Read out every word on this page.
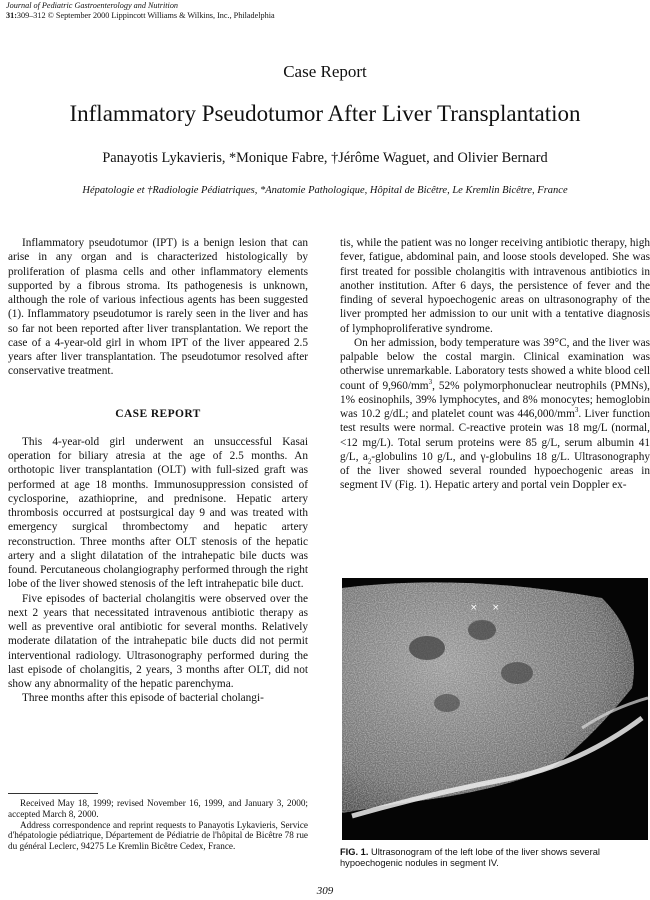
Journal of Pediatric Gastroenterology and Nutrition
31:309–312 © September 2000 Lippincott Williams & Wilkins, Inc., Philadelphia
Case Report
Inflammatory Pseudotumor After Liver Transplantation
Panayotis Lykavieris, *Monique Fabre, †Jérôme Waguet, and Olivier Bernard
Hépatologie et †Radiologie Pédiatriques, *Anatomie Pathologique, Hôpital de Bicêtre, Le Kremlin Bicêtre, France

Inflammatory pseudotumor (IPT) is a benign lesion that can arise in any organ and is characterized histologically by proliferation of plasma cells and other inflammatory elements supported by a fibrous stroma. Its pathogenesis is unknown, although the role of various infectious agents has been suggested (1). Inflammatory pseudotumor is rarely seen in the liver and has so far not been reported after liver transplantation. We report the case of a 4-year-old girl in whom IPT of the liver appeared 2.5 years after liver transplantation. The pseudotumor resolved after conservative treatment.

CASE REPORT

This 4-year-old girl underwent an unsuccessful Kasai operation for biliary atresia at the age of 2.5 months. An orthotopic liver transplantation (OLT) with full-sized graft was performed at age 18 months. Immunosuppression consisted of cyclosporine, azathioprine, and prednisone. Hepatic artery thrombosis occurred at postsurgical day 9 and was treated with emergency surgical thrombectomy and hepatic artery reconstruction. Three months after OLT stenosis of the hepatic artery and a slight dilatation of the intrahepatic bile ducts was found. Percutaneous cholangiography performed through the right lobe of the liver showed stenosis of the left intrahepatic bile duct.

Five episodes of bacterial cholangitis were observed over the next 2 years that necessitated intravenous antibiotic therapy as well as preventive oral antibiotic for several months. Relatively moderate dilatation of the intrahepatic bile ducts did not permit interventional radiology. Ultrasonography performed during the last episode of cholangitis, 2 years, 3 months after OLT, did not show any abnormality of the hepatic parenchyma.

Three months after this episode of bacterial cholangi-

tis, while the patient was no longer receiving antibiotic therapy, high fever, fatigue, abdominal pain, and loose stools developed. She was first treated for possible cholangitis with intravenous antibiotics in another institution. After 6 days, the persistence of fever and the finding of several hypoechogenic areas on ultrasonography of the liver prompted her admission to our unit with a tentative diagnosis of lymphoproliferative syndrome.

On her admission, body temperature was 39°C, and the liver was palpable below the costal margin. Clinical examination was otherwise unremarkable. Laboratory tests showed a white blood cell count of $9,960/mm^3$, 52% polymorphonuclear neutrophils (PMNs), 1% eosinophils, 39% lymphocytes, and 8% monocytes; hemoglobin was 10.2 g/dL; and platelet count was $446,000/mm^3$. Liver function test results were normal. C-reactive protein was 18 mg/L (normal, <12 mg/L). Total serum proteins were 85 g/L, serum albumin 41 g/L, $a_2$-globulins 10 g/L, and γ-globulins 18 g/L. Ultrasonography of the liver showed several rounded hypoechogenic areas in segment IV (Fig. 1). Hepatic artery and portal vein Doppler ex-

Received May 18, 1999; revised November 16, 1999, and January 3, 2000; accepted March 8, 2000.

Address correspondence and reprint requests to Panayotis Lykavieris, Service d'hépatologie pédiatrique, Département de Pédiatrie de l'hôpital de Bicêtre 78 rue du général Leclerc, 94275 Le Kremlin Bicêtre Cedex, France.

× ×
FIG. 1. Ultrasonogram of the left lobe of the liver shows several hypoechogenic nodules in segment IV.
309
